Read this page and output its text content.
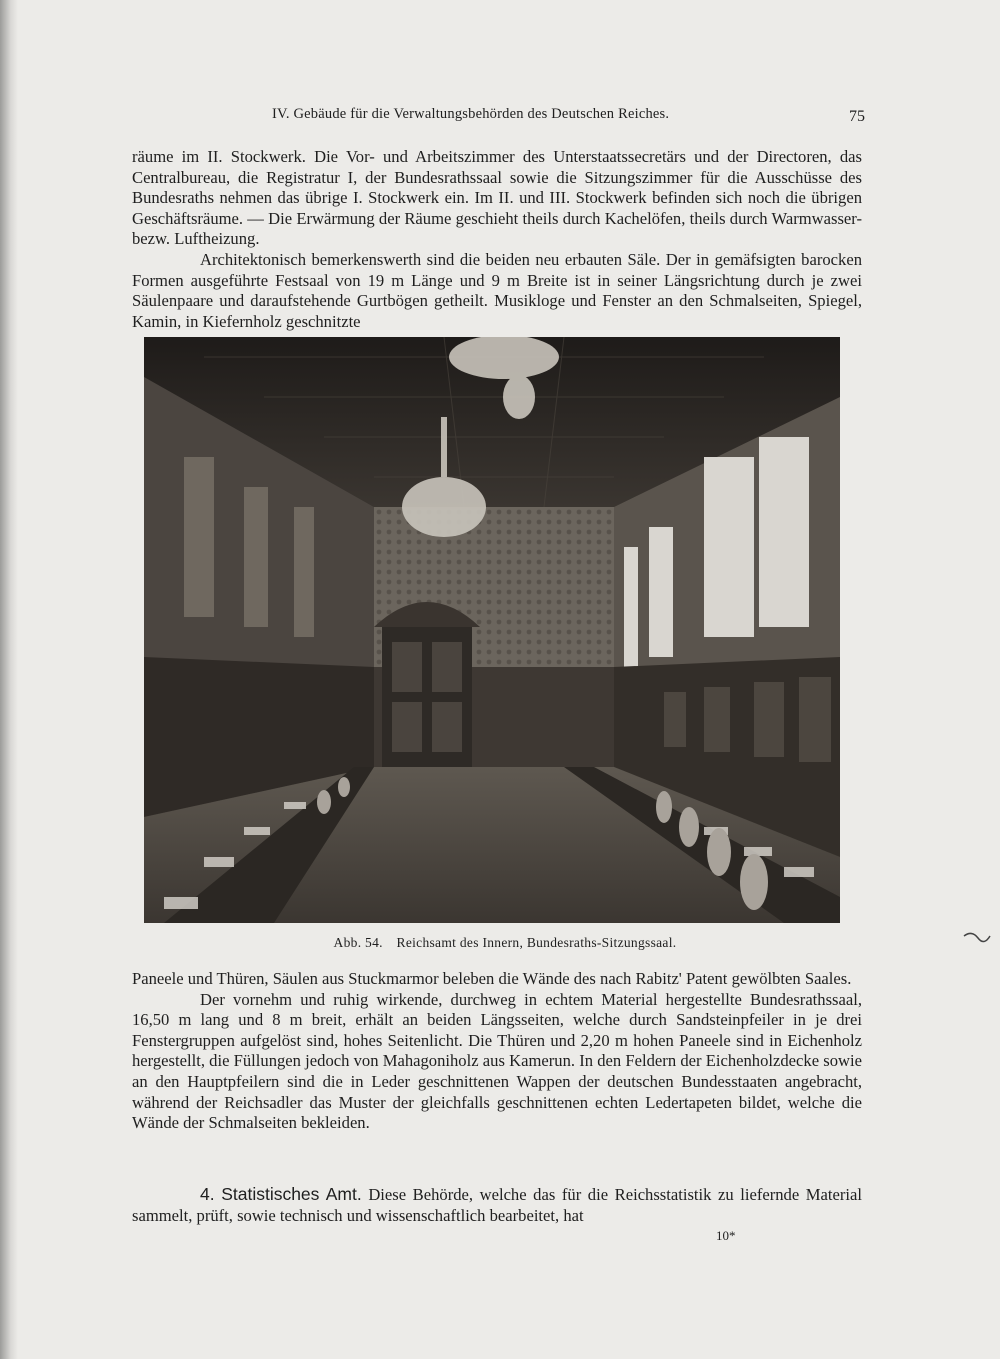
IV. Gebäude für die Verwaltungsbehörden des Deutschen Reiches.	75

räume im II. Stockwerk. Die Vor- und Arbeitszimmer des Unterstaatssecretärs und der Directoren, das Centralbureau, die Registratur I, der Bundesrathssaal sowie die Sitzungszimmer für die Ausschüsse des Bundesraths nehmen das übrige I. Stockwerk ein. Im II. und III. Stockwerk befinden sich noch die übrigen Geschäftsräume. — Die Erwärmung der Räume geschieht theils durch Kachelöfen, theils durch Warmwasser- bezw. Luftheizung.

Architektonisch bemerkenswerth sind die beiden neu erbauten Säle. Der in gemäfsigten barocken Formen ausgeführte Festsaal von 19 m Länge und 9 m Breite ist in seiner Längsrichtung durch je zwei Säulenpaare und daraufstehende Gurtbögen getheilt. Musikloge und Fenster an den Schmalseiten, Spiegel, Kamin, in Kiefernholz geschnitzte

Abb. 54. Reichsamt des Innern, Bundesraths-Sitzungssaal.

Paneele und Thüren, Säulen aus Stuckmarmor beleben die Wände des nach Rabitz' Patent gewölbten Saales.

Der vornehm und ruhig wirkende, durchweg in echtem Material hergestellte Bundesrathssaal, 16,50 m lang und 8 m breit, erhält an beiden Längsseiten, welche durch Sandsteinpfeiler in je drei Fenstergruppen aufgelöst sind, hohes Seitenlicht. Die Thüren und 2,20 m hohen Paneele sind in Eichenholz hergestellt, die Füllungen jedoch von Mahagoniholz aus Kamerun. In den Feldern der Eichenholzdecke sowie an den Hauptpfeilern sind die in Leder geschnittenen Wappen der deutschen Bundesstaaten angebracht, während der Reichsadler das Muster der gleichfalls geschnittenen echten Ledertapeten bildet, welche die Wände der Schmalseiten bekleiden.

4. Statistisches Amt. Diese Behörde, welche das für die Reichsstatistik zu liefernde Material sammelt, prüft, sowie technisch und wissenschaftlich bearbeitet, hat

10*
